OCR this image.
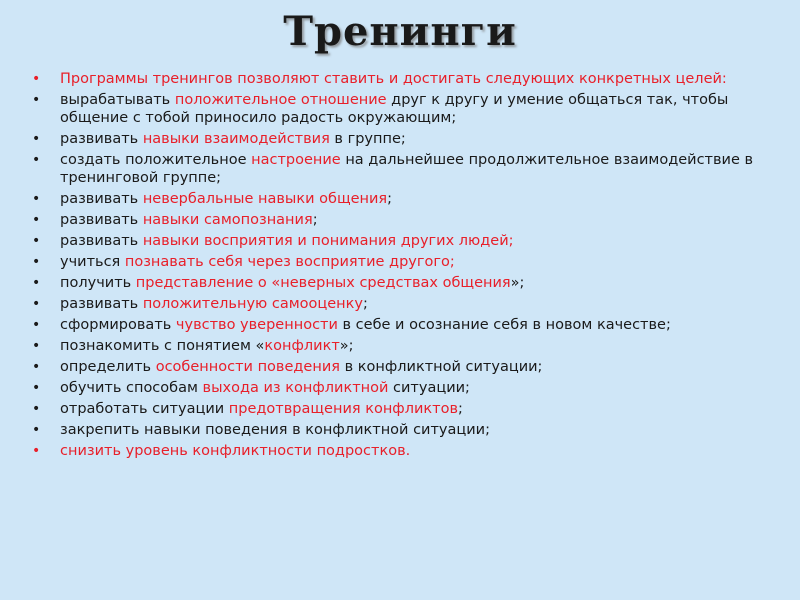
Тренинги
• Программы тренингов позволяют ставить и достигать следующих конкретных целей:
• вырабатывать положительное отношение друг к другу и умение общаться так, чтобы общение с тобой приносило радость окружающим;
• развивать навыки взаимодействия в группе;
• создать положительное настроение на дальнейшее продолжительное взаимодействие в тренинговой группе;
• развивать невербальные навыки общения;
• развивать навыки самопознания;
• развивать навыки восприятия и понимания других людей;
• учиться познавать себя через восприятие другого;
• получить представление о «неверных средствах общения»;
• развивать положительную самооценку;
• сформировать чувство уверенности в себе и осознание себя в новом качестве;
• познакомить с понятием «конфликт»;
• определить особенности поведения в конфликтной ситуации;
• обучить способам выхода из конфликтной ситуации;
• отработать ситуации предотвращения конфликтов;
• закрепить навыки поведения в конфликтной ситуации;
• снизить уровень конфликтности подростков.
